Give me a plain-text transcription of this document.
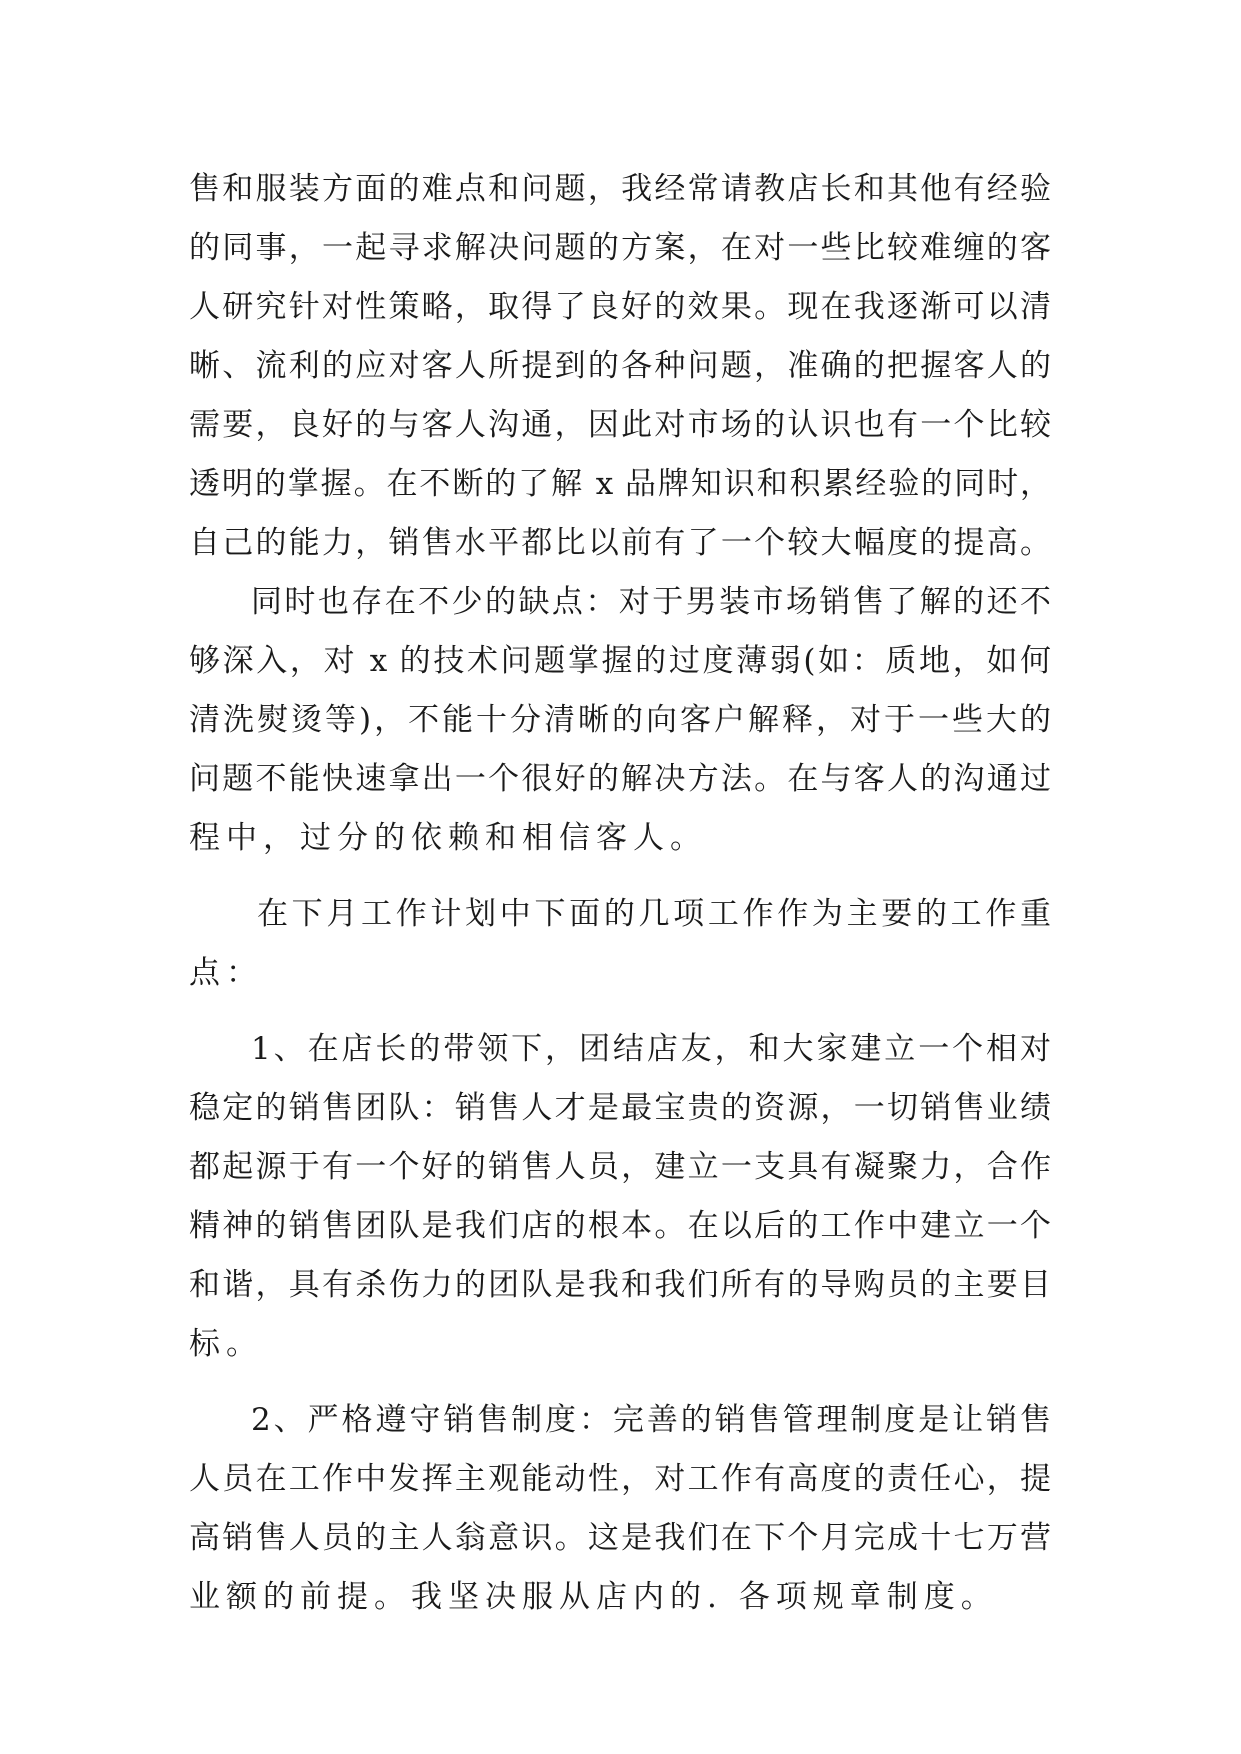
售和服装方面的难点和问题，我经常请教店长和其他有经验
的同事，一起寻求解决问题的方案，在对一些比较难缠的客
人研究针对性策略，取得了良好的效果。现在我逐渐可以清
晰、流利的应对客人所提到的各种问题，准确的把握客人的
需要，良好的与客人沟通，因此对市场的认识也有一个比较
透明的掌握。在不断的了解 x 品牌知识和积累经验的同时，
自己的能力，销售水平都比以前有了一个较大幅度的提高。
同时也存在不少的缺点：对于男装市场销售了解的还不
够深入，对 x 的技术问题掌握的过度薄弱(如：质地，如何
清洗熨烫等)，不能十分清晰的向客户解释，对于一些大的
问题不能快速拿出一个很好的解决方法。在与客人的沟通过
程中，过分的依赖和相信客人。
在下月工作计划中下面的几项工作作为主要的工作重
点：
1、在店长的带领下，团结店友，和大家建立一个相对
稳定的销售团队：销售人才是最宝贵的资源，一切销售业绩
都起源于有一个好的销售人员，建立一支具有凝聚力，合作
精神的销售团队是我们店的根本。在以后的工作中建立一个
和谐，具有杀伤力的团队是我和我们所有的导购员的主要目
标。
2、严格遵守销售制度：完善的销售管理制度是让销售
人员在工作中发挥主观能动性，对工作有高度的责任心，提
高销售人员的主人翁意识。这是我们在下个月完成十七万营
业额的前提。我坚决服从店内的. 各项规章制度。
